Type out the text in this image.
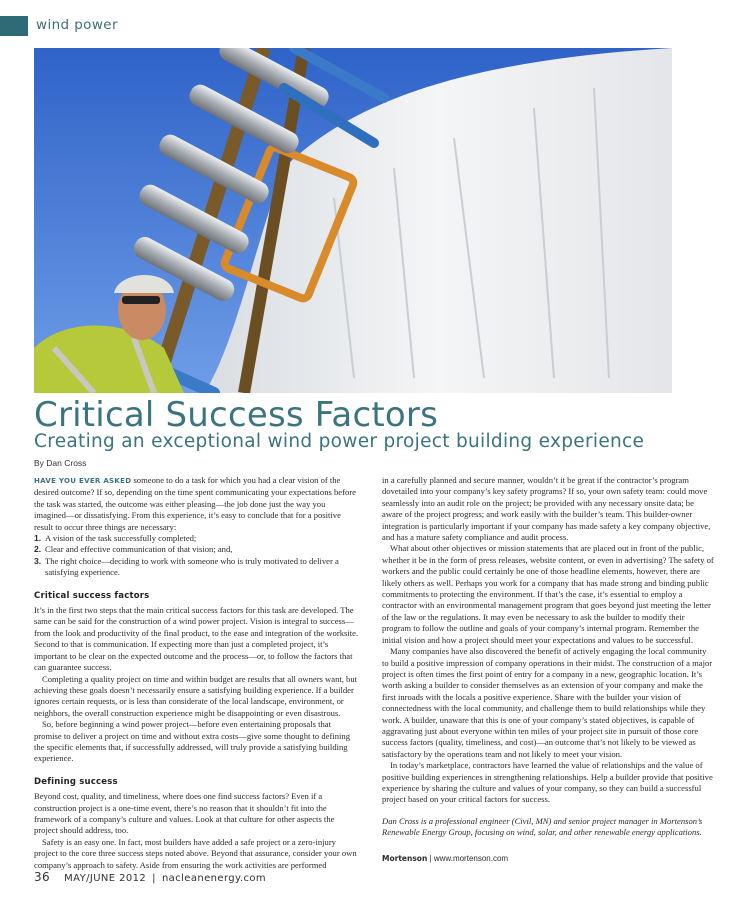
wind power
Critical Success Factors
Creating an exceptional wind power project building experience
By Dan Cross

HAVE YOU EVER ASKED someone to do a task for which you had a clear vision of the desired outcome? If so, depending on the time spent communicating your expectations before the task was started, the outcome was either pleasing—the job done just the way you imagined—or dissatisfying. From this experience, it’s easy to conclude that for a positive result to occur three things are necessary:

1. A vision of the task successfully completed;
2. Clear and effective communication of that vision; and,
3. The right choice—deciding to work with someone who is truly motivated to deliver a satisfying experience.
Critical success factors

It’s in the first two steps that the main critical success factors for this task are developed. The same can be said for the construction of a wind power project. Vision is integral to success—from the look and productivity of the final product, to the ease and integration of the worksite. Second to that is communication. If expecting more than just a completed project, it’s important to be clear on the expected outcome and the process—or, to follow the factors that can guarantee success.

Completing a quality project on time and within budget are results that all owners want, but achieving these goals doesn’t necessarily ensure a satisfying building experience. If a builder ignores certain requests, or is less than considerate of the local landscape, environment, or neighbors, the overall construction experience might be disappointing or even disastrous.

So, before beginning a wind power project—before even entertaining proposals that promise to deliver a project on time and without extra costs—give some thought to defining the specific elements that, if successfully addressed, will truly provide a satisfying building experience.

Defining success

Beyond cost, quality, and timeliness, where does one find success factors? Even if a construction project is a one-time event, there’s no reason that it shouldn’t fit into the framework of a company’s culture and values. Look at that culture for other aspects the project should address, too.

Safety is an easy one. In fact, most builders have added a safe project or a zero-injury project to the core three success steps noted above. Beyond that assurance, consider your own company’s approach to safety. Aside from ensuring the work activities are performed

in a carefully planned and secure manner, wouldn’t it be great if the contractor’s program dovetailed into your company’s key safety programs? If so, your own safety team: could move seamlessly into an audit role on the project; be provided with any necessary onsite data; be aware of the project progress; and work easily with the builder’s team. This builder-owner integration is particularly important if your company has made safety a key company objective, and has a mature safety compliance and audit process.

What about other objectives or mission statements that are placed out in front of the public, whether it be in the form of press releases, website content, or even in advertising? The safety of workers and the public could certainly be one of those headline elements, however, there are likely others as well. Perhaps you work for a company that has made strong and binding public commitments to protecting the environment. If that’s the case, it’s essential to employ a contractor with an environmental management program that goes beyond just meeting the letter of the law or the regulations. It may even be necessary to ask the builder to modify their program to follow the outline and goals of your company’s internal program. Remember the initial vision and how a project should meet your expectations and values to be successful.

Many companies have also discovered the benefit of actively engaging the local community to build a positive impression of company operations in their midst. The construction of a major project is often times the first point of entry for a company in a new, geographic location. It’s worth asking a builder to consider themselves as an extension of your company and make the first inroads with the locals a positive experience. Share with the builder your vision of connectedness with the local community, and challenge them to build relationships while they work. A builder, unaware that this is one of your company’s stated objectives, is capable of aggravating just about everyone within ten miles of your project site in pursuit of those core success factors (quality, timeliness, and cost)—an outcome that’s not likely to be viewed as satisfactory by the operations team and not likely to meet your vision.

In today’s marketplace, contractors have learned the value of relationships and the value of positive building experiences in strengthening relationships. Help a builder provide that positive experience by sharing the culture and values of your company, so they can build a successful project based on your critical factors for success.

Dan Cross is a professional engineer (Civil, MN) and senior project manager in Mortenson’s Renewable Energy Group, focusing on wind, solar, and other renewable energy applications.

Mortenson | www.mortenson.com

36 MAY/JUNE 2012 | nacleanenergy.com
